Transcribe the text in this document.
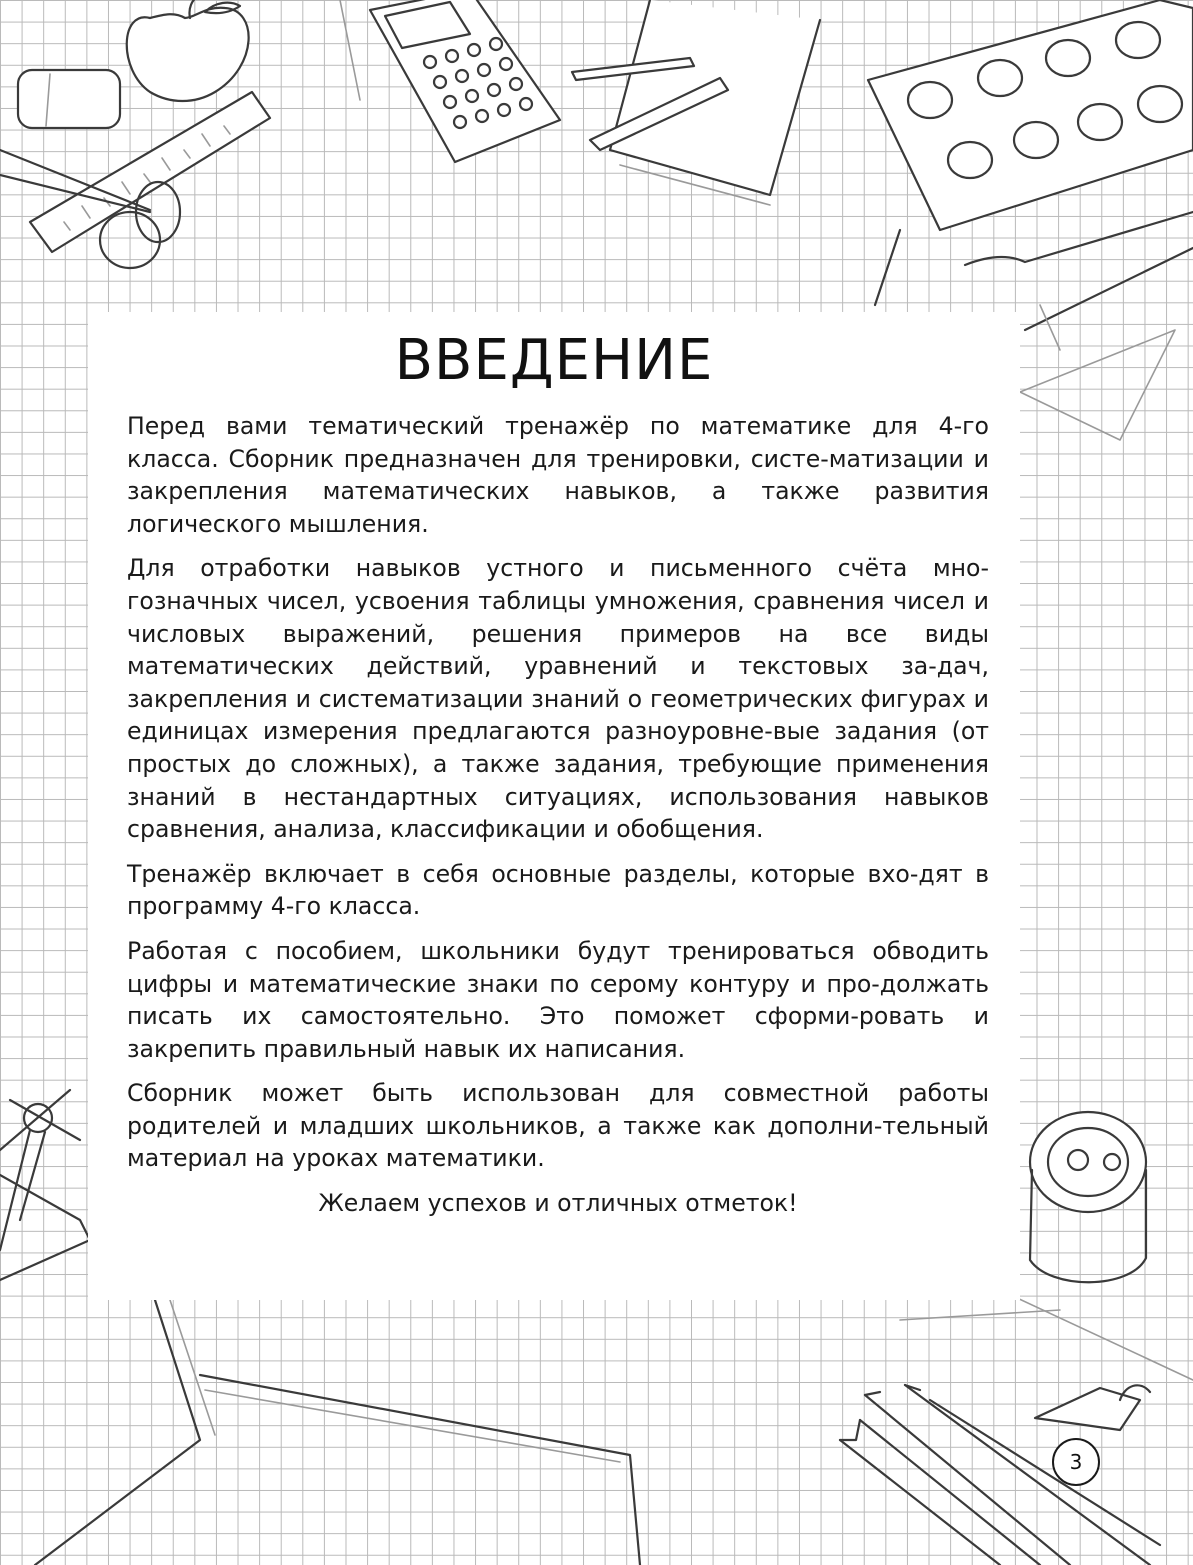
ВВЕДЕНИЕ

Перед вами тематический тренажёр по математике для 4-го класса. Сборник предназначен для тренировки, систе-матизации и закрепления математических навыков, а также развития логического мышления.

Для отработки навыков устного и письменного счёта мно-гозначных чисел, усвоения таблицы умножения, сравнения чисел и числовых выражений, решения примеров на все виды математических действий, уравнений и текстовых за-дач, закрепления и систематизации знаний о геометрических фигурах и единицах измерения предлагаются разноуровне-вые задания (от простых до сложных), а также задания, требующие применения знаний в нестандартных ситуациях, использования навыков сравнения, анализа, классификации и обобщения.

Тренажёр включает в себя основные разделы, которые вхо-дят в программу 4-го класса.

Работая с пособием, школьники будут тренироваться обводить цифры и математические знаки по серому контуру и про-должать писать их самостоятельно. Это поможет сформи-ровать и закрепить правильный навык их написания.

Сборник может быть использован для совместной работы родителей и младших школьников, а также как дополни-тельный материал на уроках математики.

Желаем успехов и отличных отметок!

3
